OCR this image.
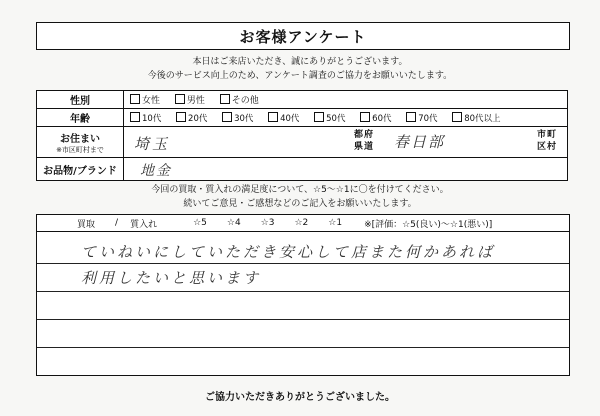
お客様アンケート
本日はご来店いただき、誠にありがとうございます。
今後のサービス向上のため、アンケート調査のご協力をお願いいたします。
性別	女性 男性 その他
年齢	10代 20代 30代 40代 50代 60代 70代 80代以上
お住まい
※市区町村まで	埼玉 都府県道 春日部 市町区村

お品物/ブランド	地金
今回の買取・質入れの満足度について、☆5～☆1に〇を付けてください。
続いてご意見・ご感想などのご記入をお願いいたします。
買取 / 質入れ	☆5 ☆4 ☆3 ☆2 ☆1 ※[評価：☆5(良い)～☆1(悪い)]
ていねいにしていただき安心して店また何かあれば
利用したいと思います
ご協力いただきありがとうございました。
